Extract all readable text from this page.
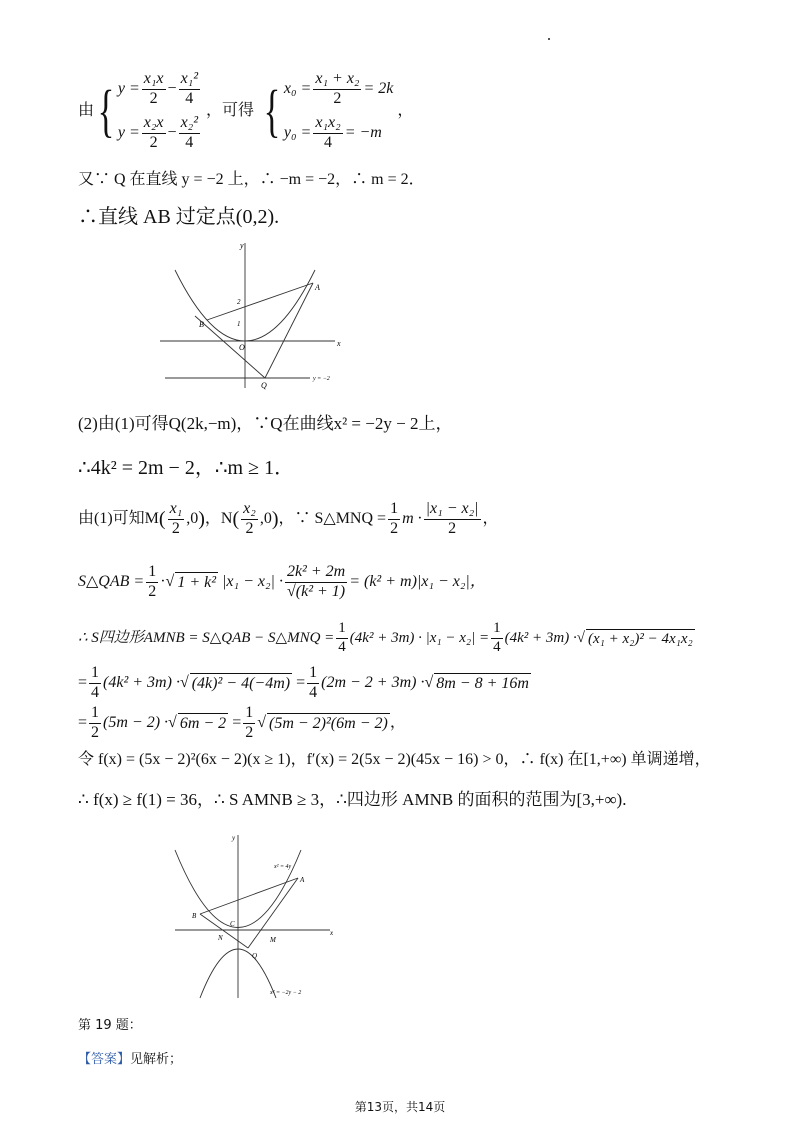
由 { $y = \frac{\text{x₁x}}{2} - \frac{\text{x₁²}}{4}$
$y = \frac{\text{x₂x}}{2} - \frac{\text{x₂²}}{4}$
，可得 { $x_0 = \frac{\text{x₁ + x₂}}{2} = 2k$
$y_0 = \frac{\text{x₁x₂}}{4} = -m$
，
又∵ Q 在直线 y = −2 上，∴ −m = −2，∴ m = 2．
∴直线 AB 过定点(0,2).
x
y
A
B
O
Q
2
1
y = −2
(2)由(1)可得Q(2k,−m)，∵Q在曲线x² = −2y − 2上，
∴4k² = 2m − 2，∴m ≥ 1．
由(1)可知M ( $\frac{\text{x₁}}{2} ,0$ ) ，N ( $\frac{\text{x₂}}{2} ,0$ ) ，∵ S△MNQ = $\frac{1}{2}$ $m \cdot \frac{\text{|x₁ − x₂|}}{2}$ ，
S△QAB = $\frac{1}{2}$ · √ 1 + k² $|x_1 - x_2| \cdot \frac{\text{2k² + 2m}}{\text{√(k² + 1)}} = (k^2 + m)|x_1 - x_2|$，
∴ S四边形AMNB = S△QAB − S△MNQ = $\frac{1}{4} (4k^2 + 3m) \cdot |x_1 - x_2| = \frac{1}{4} (4k^2 + 3m)$ · √ (x₁ + x₂)² − 4x₁x₂
= $\frac{1}{4} (4k^2 + 3m)$ · √ $(4k)^2 - 4(-4m) = \frac{1}{4} (2m - 2 + 3m)$ · √ 8m − 8 + 16m
= $\frac{1}{2} (5m - 2)$ · √ $6m - 2 = \frac{1}{2}$ √ (5m − 2)²(6m − 2) ，
令 f(x) = (5x − 2)²(6x − 2)(x ≥ 1)，f′(x) = 2(5x − 2)(45x − 16) > 0，∴ f(x) 在[1,+∞) 单调递增，
∴ f(x) ≥ f(1) = 36，∴ S AMNB ≥ 3，∴四边形 AMNB 的面积的范围为[3,+∞).
x
y
A
B
C
N	M
Q
x² = 4y
x² = −2y − 2
第 19 题：
【答案】见解析；
第13页，共14页
